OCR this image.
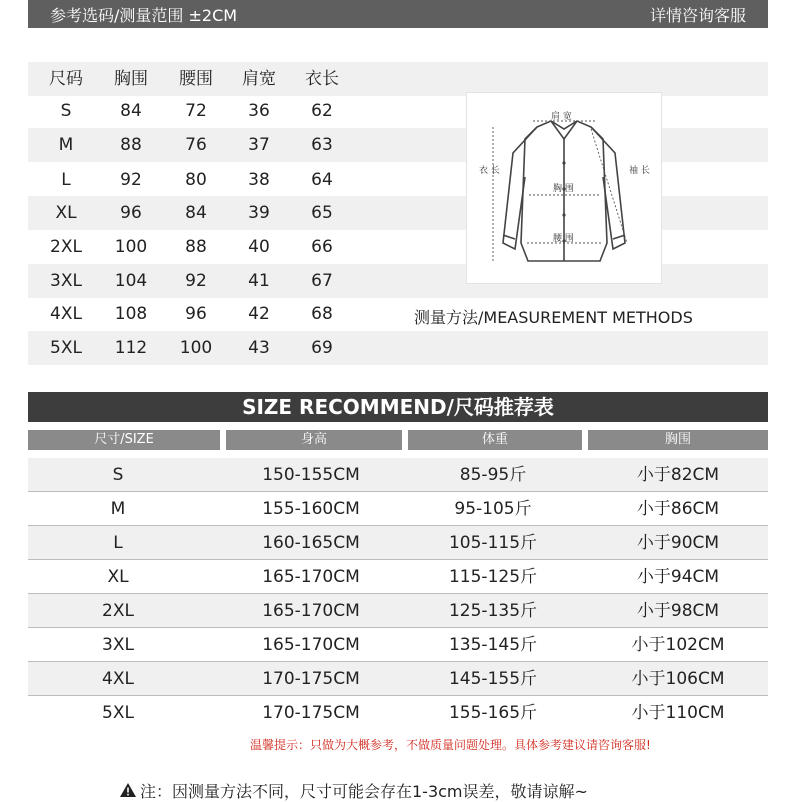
参考选码/测量范围 ±2CM	详情咨询客服
尺码	胸围	腰围	肩宽	衣长
S	84	72	36	62
M	88	76	37	63
L	92	80	38	64
XL	96	84	39	65
2XL	100	88	40	66
3XL	104	92	41	67
4XL	108	96	42	68
5XL	112	100	43	69
肩 宽
衣 长	袖 长
胸 围
腰 围
测量方法/MEASUREMENT METHODS
SIZE RECOMMEND/尺码推荐表
尺寸/SIZE	身高	体重	胸围
S	150-155CM	85-95斤	小于82CM
M	155-160CM	95-105斤	小于86CM
L	160-165CM	105-115斤	小于90CM
XL	165-170CM	115-125斤	小于94CM
2XL	165-170CM	125-135斤	小于98CM
3XL	165-170CM	135-145斤	小于102CM
4XL	170-175CM	145-155斤	小于106CM
5XL	170-175CM	155-165斤	小于110CM
温馨提示：只做为大概参考，不做质量问题处理。具体参考建议请咨询客服!
注：因测量方法不同，尺寸可能会存在1-3cm误差，敬请谅解~
